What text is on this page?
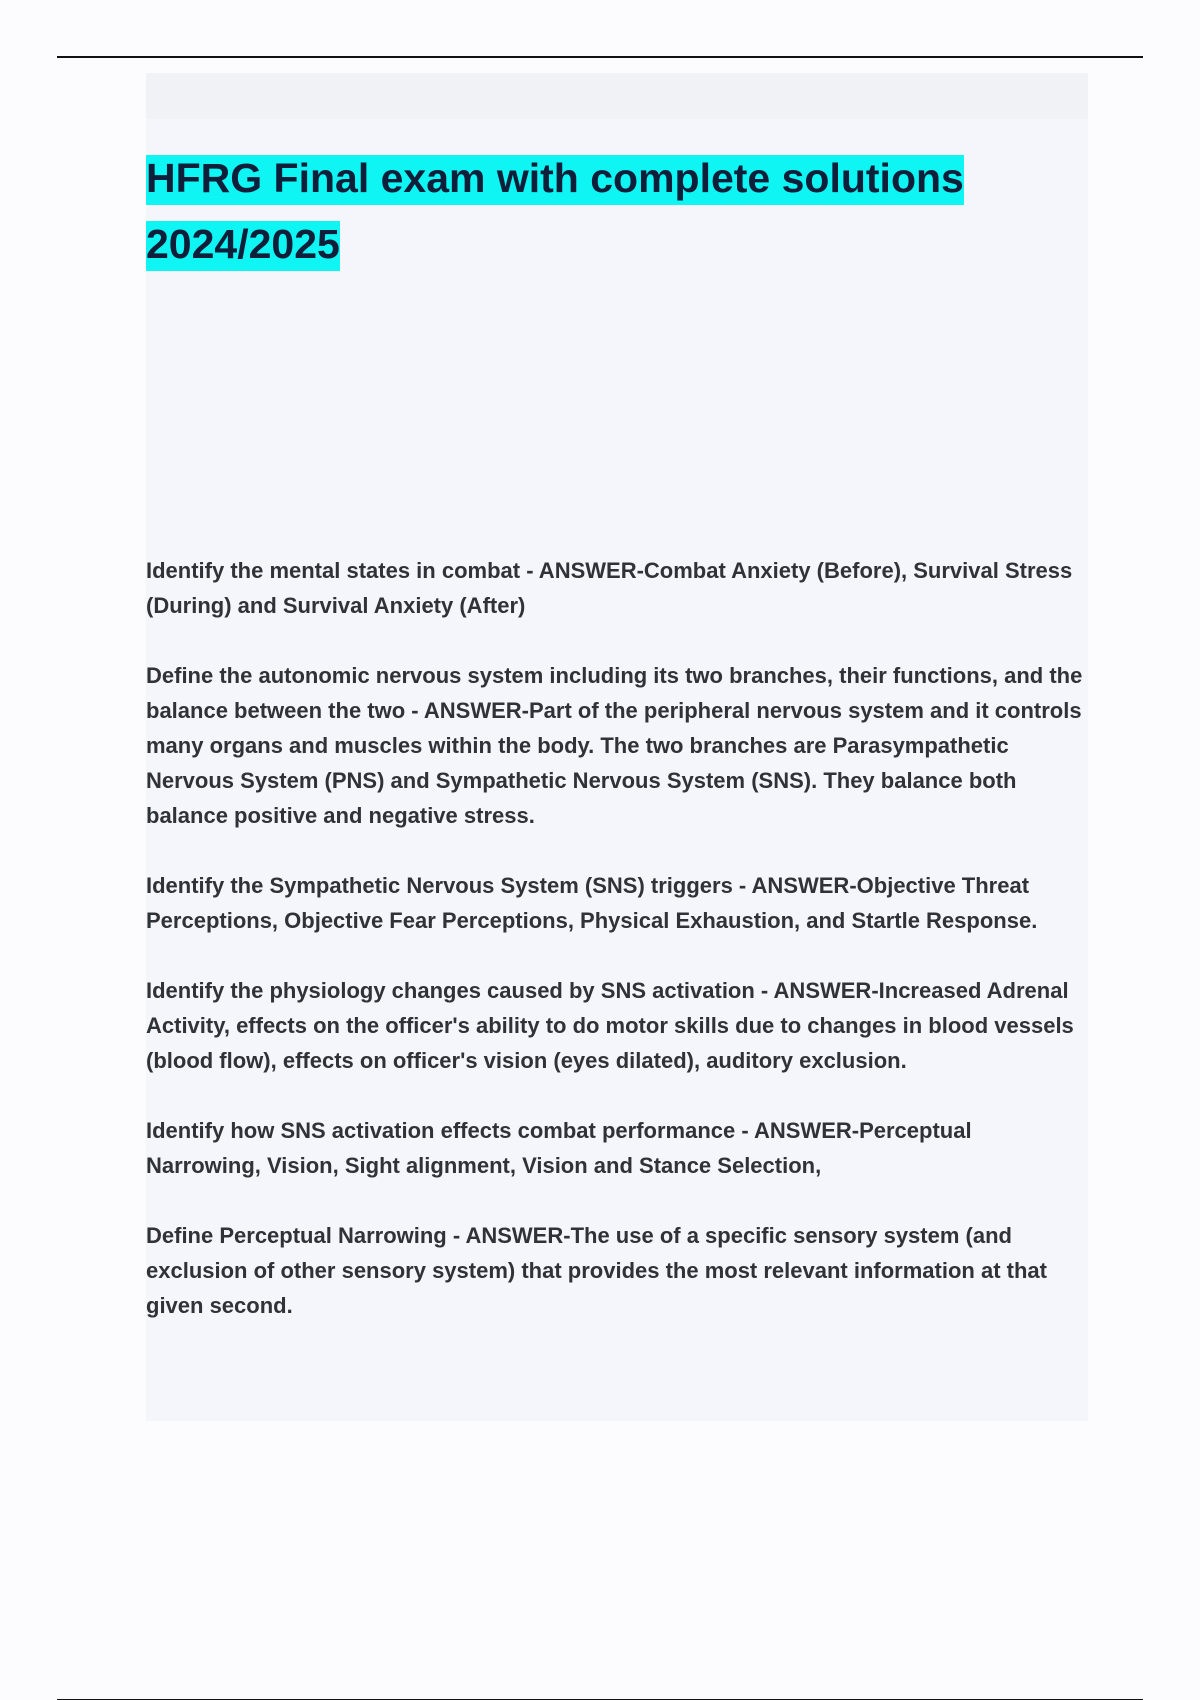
HFRG Final exam with complete solutions 2024/2025

Identify the mental states in combat - ANSWER-Combat Anxiety (Before), Survival Stress (During) and Survival Anxiety (After)

Define the autonomic nervous system including its two branches, their functions, and the balance between the two - ANSWER-Part of the peripheral nervous system and it controls many organs and muscles within the body. The two branches are Parasympathetic Nervous System (PNS) and Sympathetic Nervous System (SNS). They balance both balance positive and negative stress.

Identify the Sympathetic Nervous System (SNS) triggers - ANSWER-Objective Threat Perceptions, Objective Fear Perceptions, Physical Exhaustion, and Startle Response.

Identify the physiology changes caused by SNS activation - ANSWER-Increased Adrenal Activity, effects on the officer's ability to do motor skills due to changes in blood vessels (blood flow), effects on officer's vision (eyes dilated), auditory exclusion.

Identify how SNS activation effects combat performance - ANSWER-Perceptual Narrowing, Vision, Sight alignment, Vision and Stance Selection,

Define Perceptual Narrowing - ANSWER-The use of a specific sensory system (and exclusion of other sensory system) that provides the most relevant information at that given second.
